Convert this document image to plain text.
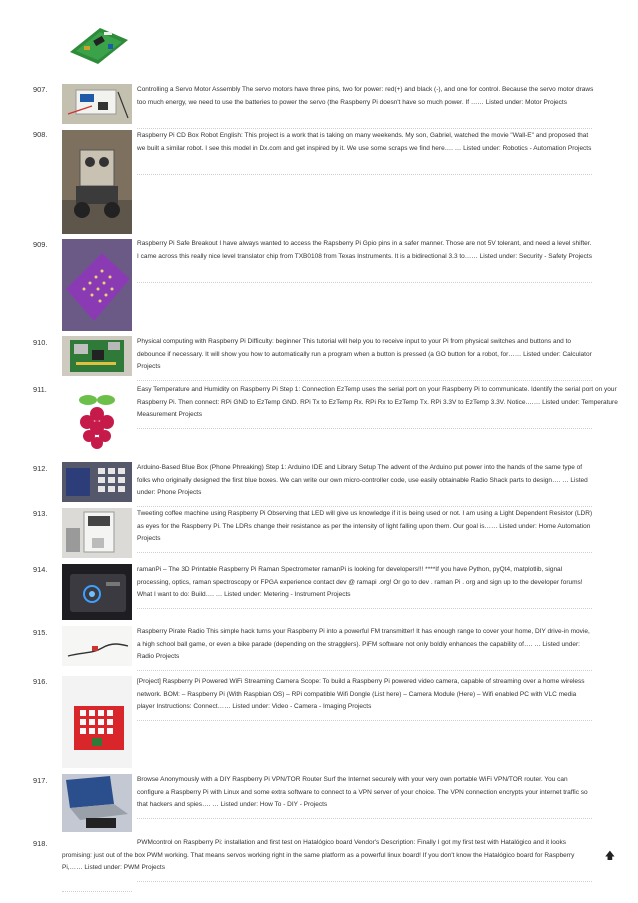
907.	Controlling a Servo Motor Assembly The servo motors have three pins, two for power: red(+) and black (-), and one for control. Because the servo motor draws too much energy, we need to use the batteries to power the servo (the Raspberry Pi doesn't have so much power. If …… Listed under: Motor Projects
908.	Raspberry Pi CD Box Robot English: This project is a work that is taking on many weekends. My son, Gabriel, watched the movie "Wall-E" and proposed that we built a similar robot. I see this model in Dx.com and get inspired by it. We use some scraps we find here…. … Listed under: Robotics - Automation Projects
909.	Raspberry Pi Safe Breakout I have always wanted to access the Rapsberry Pi Gpio pins in a safer manner. Those are not 5V tolerant, and need a level shifter. I came across this really nice level translator chip from TXB0108 from Texas Instruments. It is a bidirectional 3.3 to…… Listed under: Security - Safety Projects
910.	Physical computing with Raspberry Pi Difficulty: beginner This tutorial will help you to receive input to your Pi from physical switches and buttons and to debounce if necessary. It will show you how to automatically run a program when a button is pressed (a GO button for a robot, for…… Listed under: Calculator Projects
911.	Easy Temperature and Humidity on Raspberry Pi Step 1: Connection EzTemp uses the serial port on your Raspberry Pi to communicate. Identify the serial port on your Raspberry Pi. Then connect: RPi GND to EzTemp GND. RPi Tx to EzTemp Rx. RPi Rx to EzTemp Tx. RPi 3.3V to EzTemp 3.3V. Notice.…… Listed under: Temperature Measurement Projects
912.	Arduino-Based Blue Box (Phone Phreaking) Step 1: Arduino IDE and Library Setup The advent of the Arduino put power into the hands of the same type of folks who originally designed the first blue boxes. We can write our own micro-controller code, use easily obtainable Radio Shack parts to design…. … Listed under: Phone Projects
913.	Tweeting coffee machine using Raspberry Pi Observing that LED will give us knowledge if it is being used or not. I am using a Light Dependent Resistor (LDR) as eyes for the Raspberry Pi. The LDRs change their resistance as per the intensity of light falling upon them. Our goal is…… Listed under: Home Automation Projects
914.	ramanPi – The 3D Printable Raspberry Pi Raman Spectrometer ramanPi is looking for developers!!! ****If you have Python, pyQt4, matplotlib, signal processing, optics, raman spectroscopy or FPGA experience contact dev @ ramapi .org! Or go to dev . raman Pi . org and sign up to the developer forums! What I want to do: Build…. … Listed under: Metering - Instrument Projects
915.	Raspberry Pirate Radio This simple hack turns your Raspberry Pi into a powerful FM transmitter! It has enough range to cover your home, DIY drive-in movie, a high school ball game, or even a bike parade (depending on the stragglers). PiFM software not only boldly enhances the capability of…. … Listed under: Radio Projects
916.	[Project] Raspberry Pi Powered WiFi Streaming Camera Scope: To build a Raspberry Pi powered video camera, capable of streaming over a home wireless network. BOM: – Raspberry Pi (With Raspbian OS) – RPi compatible Wifi Dongle (List here) – Camera Module (Here) – Wifi enabled PC with VLC media player Instructions: Connect…… Listed under: Video - Camera - Imaging Projects
917.	Browse Anonymously with a DIY Raspberry Pi VPN/TOR Router Surf the Internet securely with your very own portable WiFi VPN/TOR router. You can configure a Raspberry Pi with Linux and some extra software to connect to a VPN server of your choice. The VPN connection encrypts your internet traffic so that hackers and spies…. … Listed under: How To - DIY - Projects
918.	PWMcontrol on Raspberry Pi: installation and first test on Hatalógico board Vendor's Description: Finally I got my first test with Hatalógico and it looks promising: just out of the box PWM working. That means servos working right in the same platform as a powerful linux board! If you don't know the Hatalógico board for Raspberry Pi,…… Listed under: PWM Projects
🡅
